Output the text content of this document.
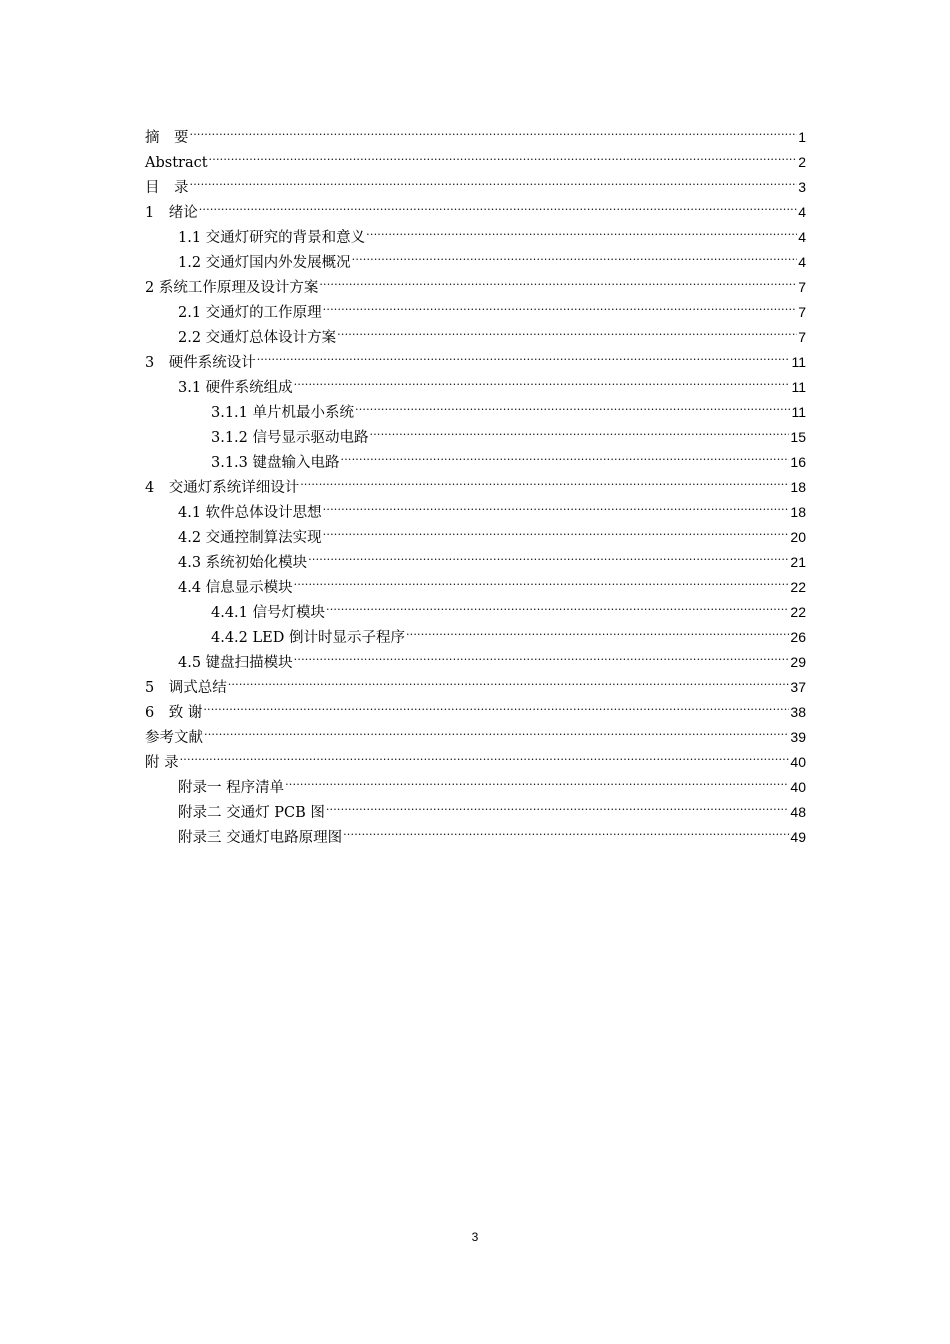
摘　要 .....	1
Abstract .....	2
目　录 .....	3
1　绪论 .....	4
1.1 交通灯研究的背景和意义 .....	4
1.2 交通灯国内外发展概况 .....	4
2 系统工作原理及设计方案 .....	7
2.1 交通灯的工作原理 .....	7
2.2 交通灯总体设计方案 .....	7
3　硬件系统设计 .....	11
3.1 硬件系统组成 .....	11
3.1.1 单片机最小系统 .....	11
3.1.2 信号显示驱动电路 .....	15
3.1.3 键盘输入电路 .....	16
4　交通灯系统详细设计 .....	18
4.1 软件总体设计思想 .....	18
4.2 交通控制算法实现 .....	20
4.3 系统初始化模块 .....	21
4.4 信息显示模块 .....	22
4.4.1 信号灯模块 .....	22
4.4.2 LED 倒计时显示子程序 .....	26
4.5 键盘扫描模块 .....	29
5　调式总结 .....	37
6　致 谢 .....	38
参考文献 .....	39
附 录 .....	40
附录一 程序清单 .....	40
附录二 交通灯 PCB 图 .....	48
附录三 交通灯电路原理图 .....	49
3
